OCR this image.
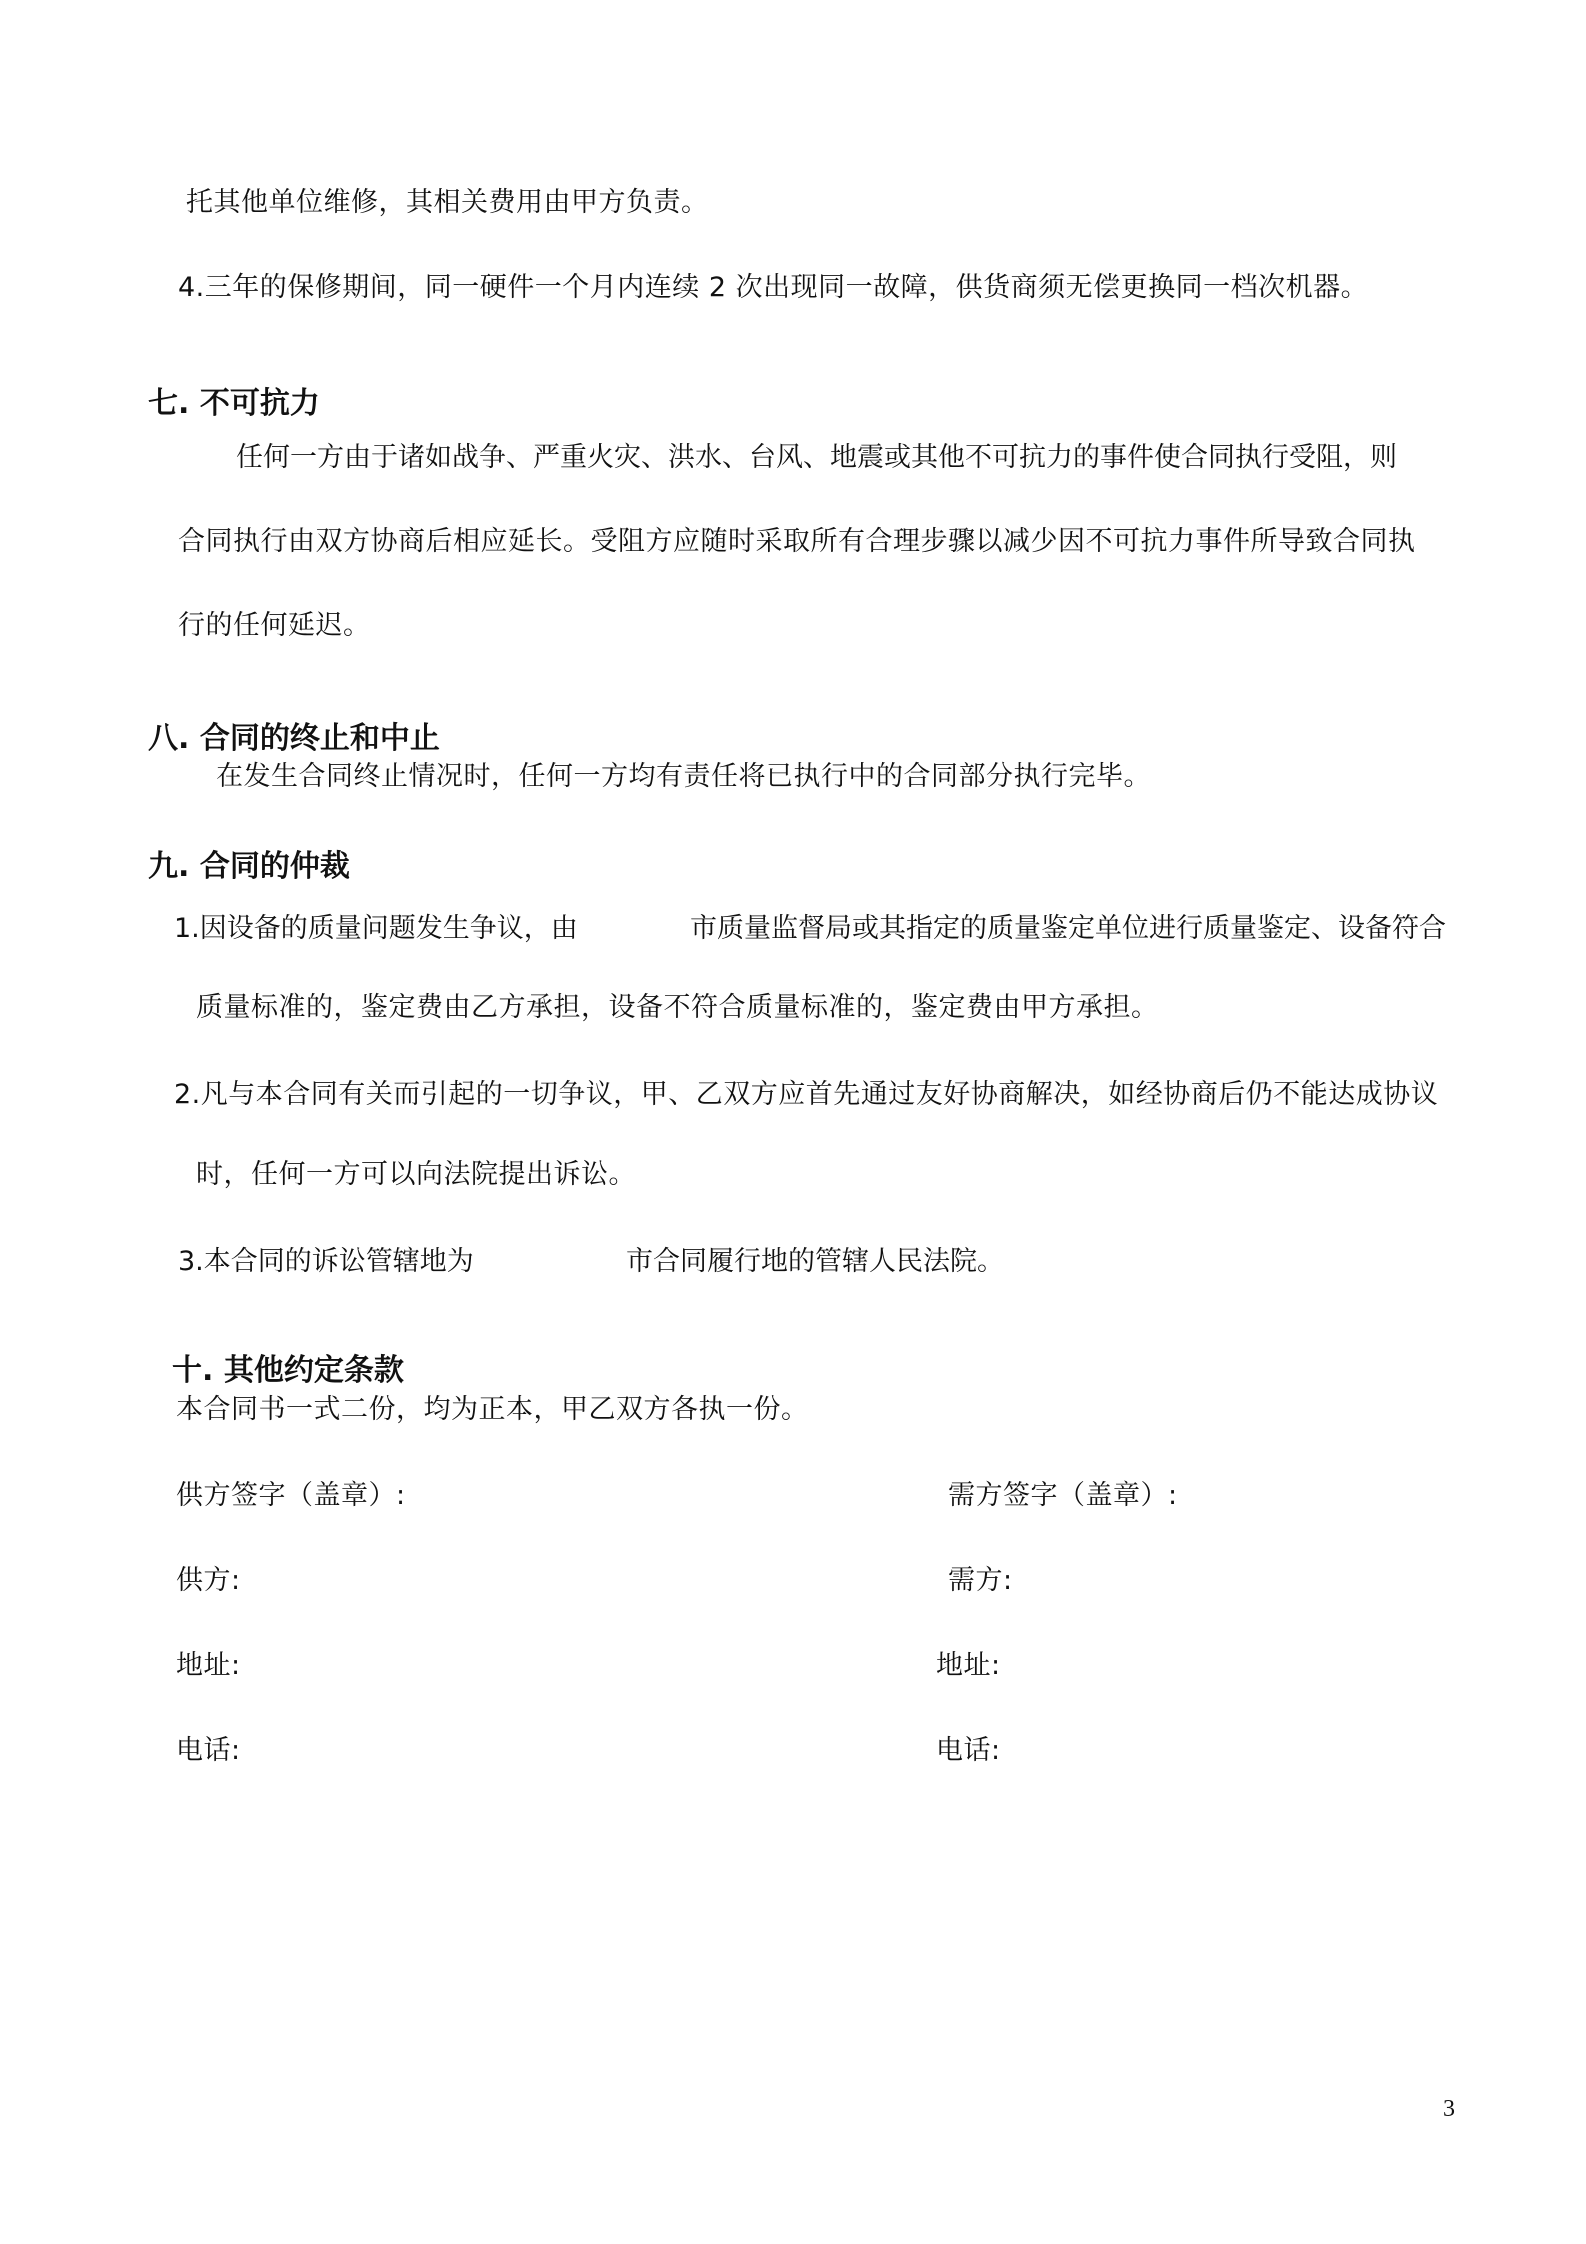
托其他单位维修，其相关费用由甲方负责。
4.三年的保修期间，同一硬件一个月内连续 2 次出现同一故障，供货商须无偿更换同一档次机器。
七. 不可抗力
任何一方由于诸如战争、严重火灾、洪水、台风、地震或其他不可抗力的事件使合同执行受阻，则
合同执行由双方协商后相应延长。受阻方应随时采取所有合理步骤以减少因不可抗力事件所导致合同执
行的任何延迟。
八. 合同的终止和中止
在发生合同终止情况时，任何一方均有责任将已执行中的合同部分执行完毕。
九. 合同的仲裁
1.因设备的质量问题发生争议，由	市质量监督局或其指定的质量鉴定单位进行质量鉴定、设备符合
质量标准的，鉴定费由乙方承担，设备不符合质量标准的，鉴定费由甲方承担。
2.凡与本合同有关而引起的一切争议，甲、乙双方应首先通过友好协商解决，如经协商后仍不能达成协议
时，任何一方可以向法院提出诉讼。
3.本合同的诉讼管辖地为	市合同履行地的管辖人民法院。
十. 其他约定条款
本合同书一式二份，均为正本，甲乙双方各执一份。
供方签字（盖章）:	需方签字（盖章）:
供方:	需方:
地址:	地址:
电话:	电话:
3
